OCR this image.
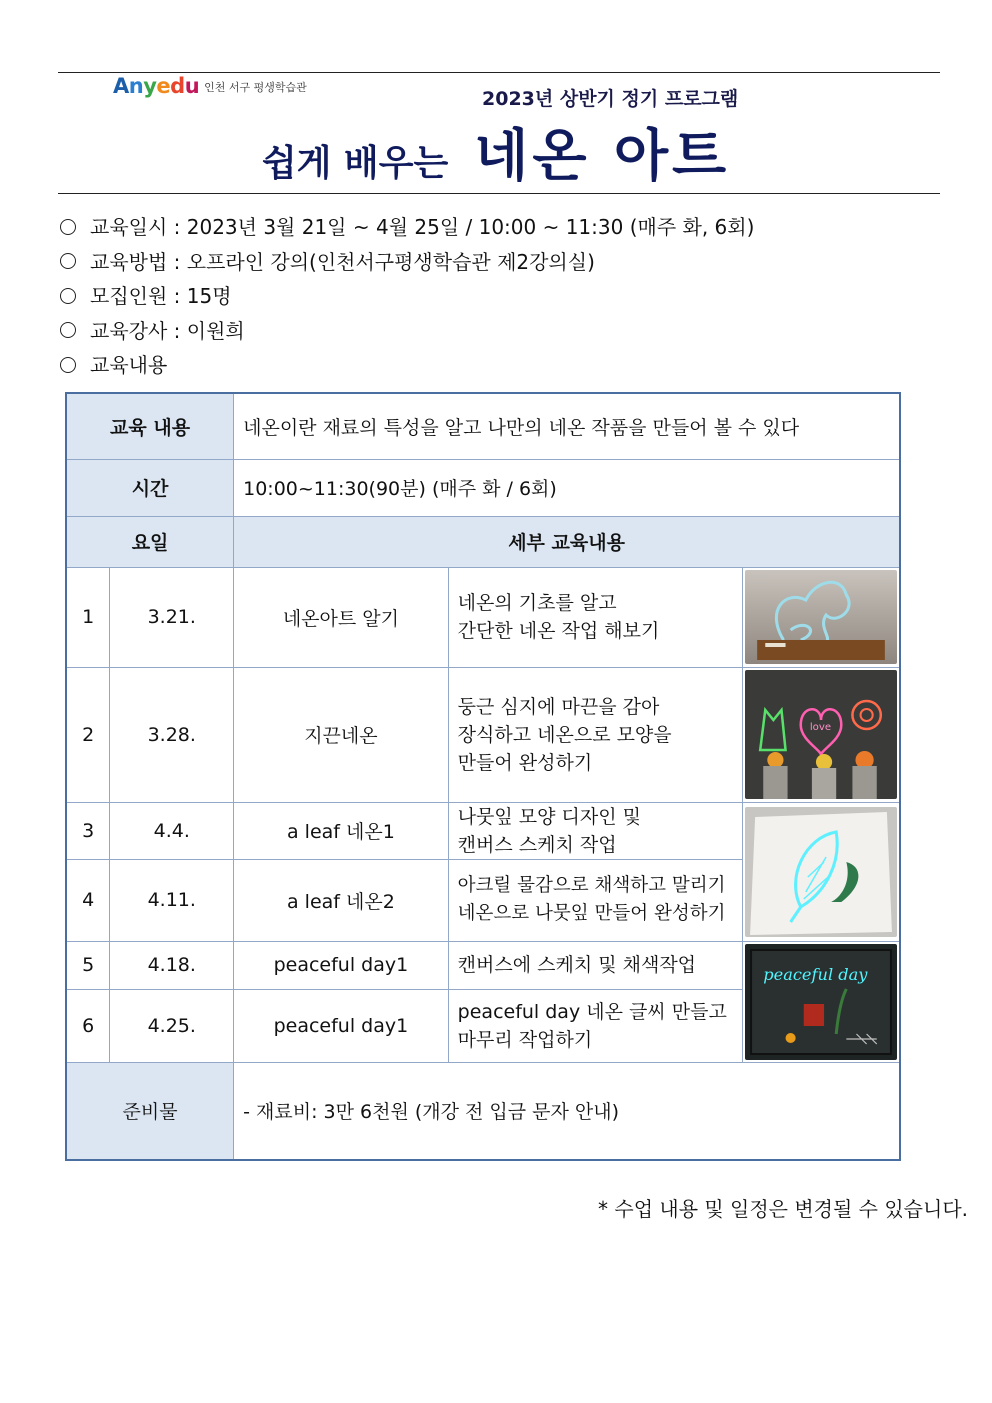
Anyedu 인천 서구 평생학습관
2023년 상반기 정기 프로그램
쉽게 배우는 네온 아트
교육일시 : 2023년 3월 21일 ~ 4월 25일 / 10:00 ~ 11:30 (매주 화, 6회)
교육방법 : 오프라인 강의(인천서구평생학습관 제2강의실)
모집인원 : 15명
교육강사 : 이원희
교육내용
교육 내용		네온이란 재료의 특성을 알고 나만의 네온 작품을 만들어 볼 수 있다		
시간		10:00~11:30(90분) (매주 화 / 6회)		
요일		세부 교육내용		
1	3.21.	네온아트 알기	네온의 기초를 알고
간단한 네온 작업 해보기

2	3.28.	지끈네온	둥근 심지에 마끈을 감아
장식하고 네온으로 모양을
만들어 완성하기	love

3	4.4.	a leaf 네온1	나뭇잎 모양 디자인 및
캔버스 스케치 작업

4	4.11.	a leaf 네온2	아크릴 물감으로 채색하고 말리기
네온으로 나뭇잎 만들어 완성하기	

5	4.18.	peaceful day1	캔버스에 스케치 및 채색작업	peaceful day

6	4.25.	peaceful day1	peaceful day 네온 글씨 만들고
마무리 작업하기	

준비물		- 재료비: 3만 6천원 (개강 전 입금 문자 안내)		
* 수업 내용 및 일정은 변경될 수 있습니다.
